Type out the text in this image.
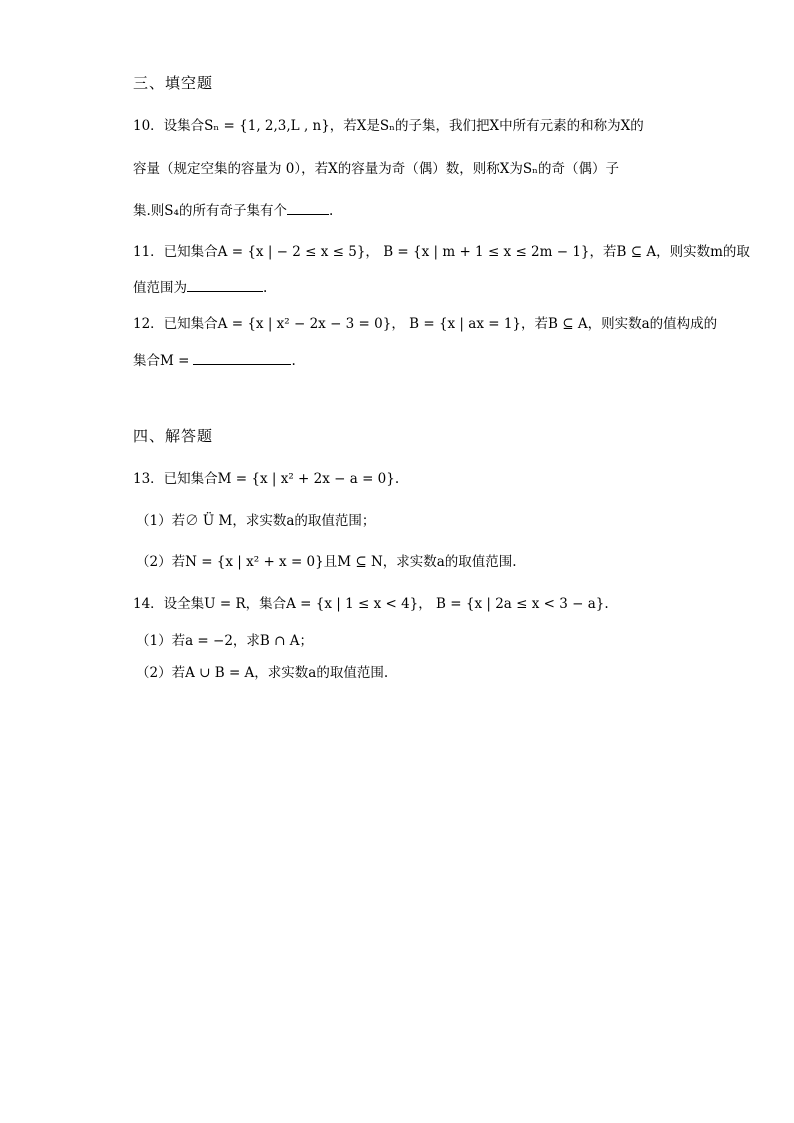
三、填空题
10．设集合Sₙ = {1, 2,3,L , n}，若X是Sₙ的子集，我们把X中所有元素的和称为X的
容量（规定空集的容量为 0），若X的容量为奇（偶）数，则称X为Sₙ的奇（偶）子
集.则S₄的所有奇子集有个	.
11．已知集合A = {x | − 2 ≤ x ≤ 5}， B = {x | m + 1 ≤ x ≤ 2m − 1}，若B ⊆ A，则实数m的取
值范围为	.
12．已知集合A = {x | x² − 2x − 3 = 0}， B = {x | ax = 1}，若B ⊆ A，则实数a的值构成的
集合M =	.
四、解答题
13．已知集合M = {x | x² + 2x − a = 0}.
（1）若∅ Ü M，求实数a的取值范围；
（2）若N = {x | x² + x = 0}且M ⊆ N，求实数a的取值范围.
14．设全集U = R，集合A = {x | 1 ≤ x < 4}， B = {x | 2a ≤ x < 3 − a}.
（1）若a = −2，求B ∩ A；
（2）若A ∪ B = A，求实数a的取值范围.
